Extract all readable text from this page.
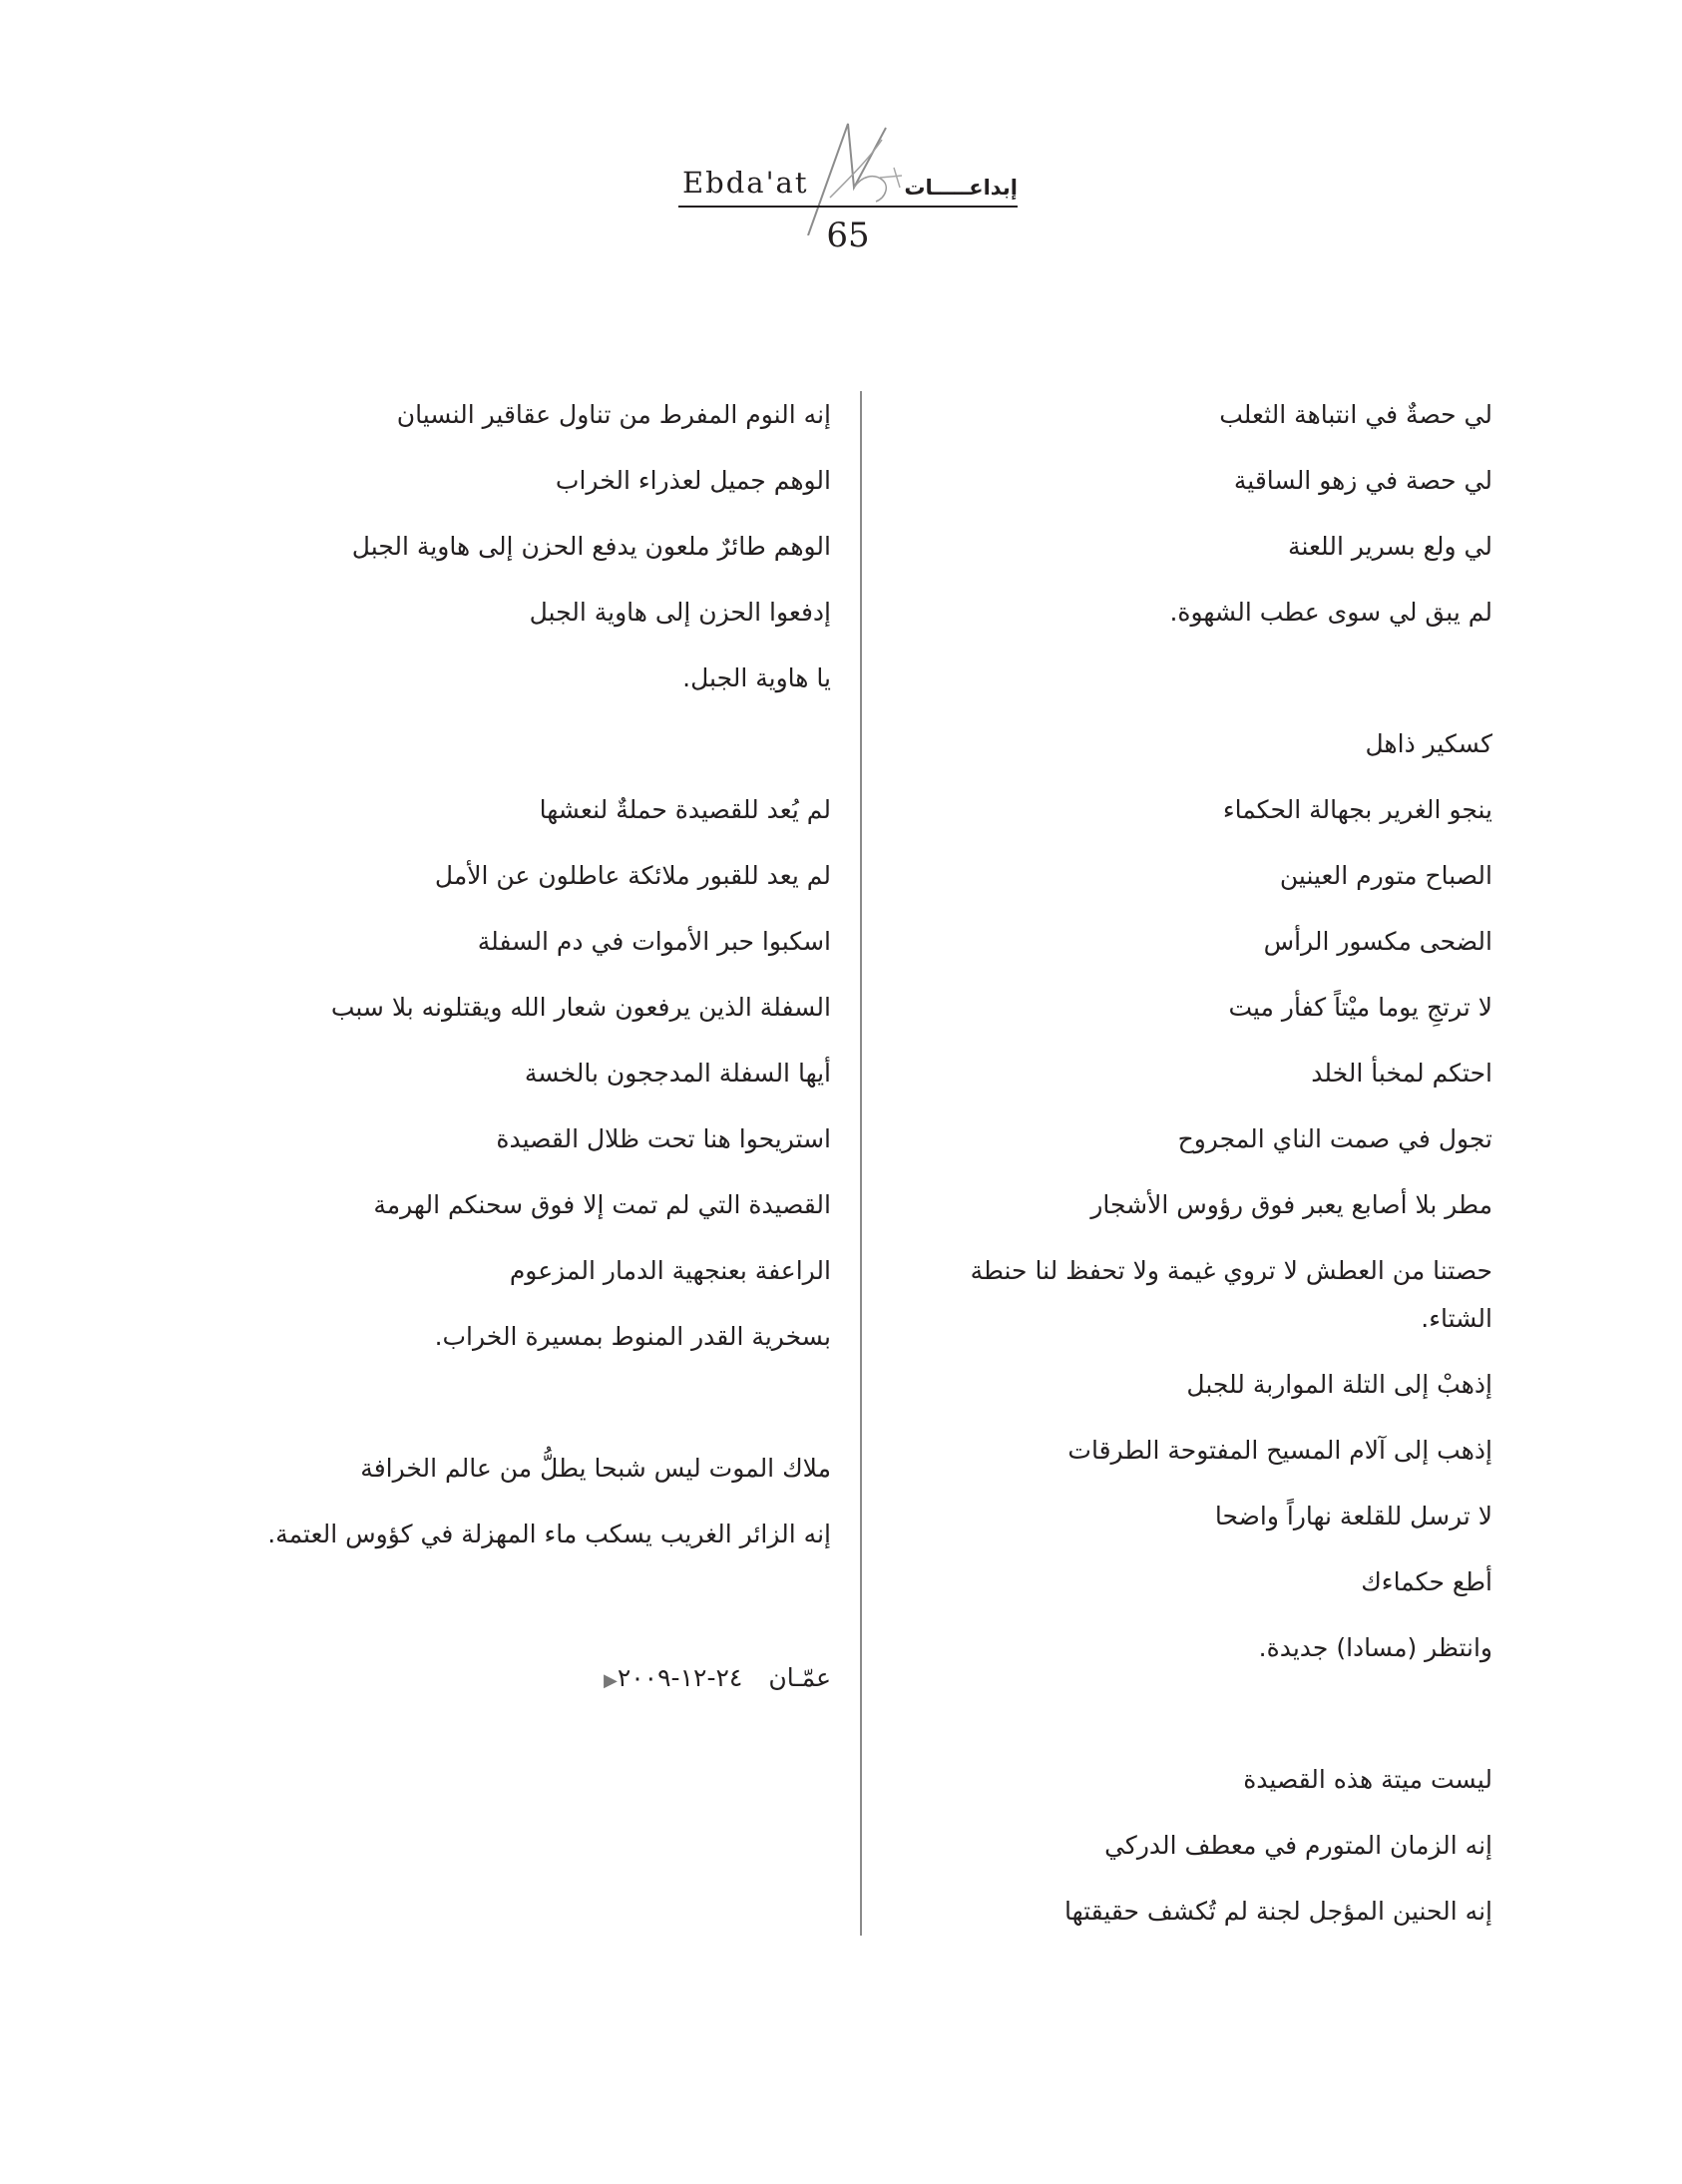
Ebda'at	إبداعـــــات
65
لي حصةٌ في انتباهة الثعلب
لي حصة في زهو الساقية
لي ولع بسرير اللعنة
لم يبق لي سوى عطب الشهوة.
كسكير ذاهل
ينجو الغرير بجهالة الحكماء
الصباح متورم العينين
الضحى مكسور الرأس
لا ترتجِ يوما ميْتاً كفأر ميت
احتكم لمخبأ الخلد
تجول في صمت الناي المجروح
مطر بلا أصابع يعبر فوق رؤوس الأشجار
حصتنا من العطش لا تروي غيمة ولا تحفظ لنا حنطة الشتاء.
إذهبْ إلى التلة المواربة للجبل
إذهب إلى آلام المسيح المفتوحة الطرقات
لا ترسل للقلعة نهاراً واضحا
أطع حكماءك
وانتظر (مسادا) جديدة.
ليست ميتة هذه القصيدة
إنه الزمان المتورم في معطف الدركي
إنه الحنين المؤجل لجنة لم تُكشف حقيقتها
إنه النوم المفرط من تناول عقاقير النسيان
الوهم جميل لعذراء الخراب
الوهم طائرٌ ملعون يدفع الحزن إلى هاوية الجبل
إدفعوا الحزن إلى هاوية الجبل
يا هاوية الجبل.
لم يُعد للقصيدة حملةٌ لنعشها
لم يعد للقبور ملائكة عاطلون عن الأمل
اسكبوا حبر الأموات في دم السفلة
السفلة الذين يرفعون شعار الله ويقتلونه بلا سبب
أيها السفلة المدججون بالخسة
استريحوا هنا تحت ظلال القصيدة
القصيدة التي لم تمت إلا فوق سحنكم الهرمة
الراعفة بعنجهية الدمار المزعوم
بسخرية القدر المنوط بمسيرة الخراب.
ملاك الموت ليس شبحا يطلُّ من عالم الخرافة
إنه الزائر الغريب يسكب ماء المهزلة في كؤوس العتمة.
عمّـان٢٤-١٢-٢٠٠٩◀
